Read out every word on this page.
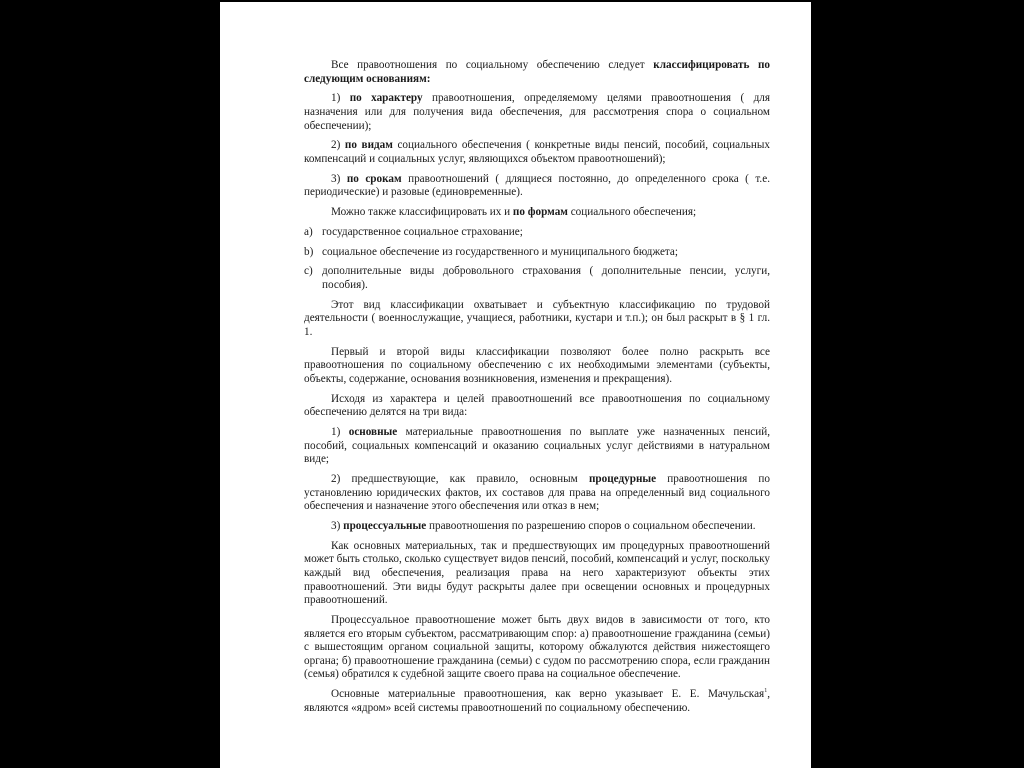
Все правоотношения по социальному обеспечению следует классифицировать по следующим основаниям:

1) по характеру правоотношения, определяемому целями правоотношения ( для назначения или для получения вида обеспечения, для рассмотрения спора о социальном обеспечении);

2) по видам социального обеспечения ( конкретные виды пенсий, пособий, социальных компенсаций и социальных услуг, являющихся объектом правоотношений);

3) по срокам правоотношений ( длящиеся постоянно, до определенного срока ( т.е. периодические) и разовые (единовременные).

Можно также классифицировать их и по формам социального обеспечения;

a) государственное социальное страхование;
b) социальное обеспечение из государственного и муниципального бюджета;
c) дополнительные виды добровольного страхования ( дополнительные пенсии, услуги, пособия).

Этот вид классификации охватывает и субъектную классификацию по трудовой деятельности ( военнослужащие, учащиеся, работники, кустари и т.п.); он был раскрыт в § 1 гл. 1.

Первый и второй виды классификации позволяют более полно раскрыть все правоотношения по социальному обеспечению с их необходимыми элементами (субъекты, объекты, содержание, основания возникновения, изменения и прекращения).

Исходя из характера и целей правоотношений все правоотношения по социальному обеспечению делятся на три вида:

1) основные материальные правоотношения по выплате уже назначенных пенсий, пособий, социальных компенсаций и оказанию социальных услуг действиями в натуральном виде;

2) предшествующие, как правило, основным процедурные правоотношения по установлению юридических фактов, их составов для права на определенный вид социального обеспечения и назначение этого обеспечения или отказ в нем;

3) процессуальные правоотношения по разрешению споров о социальном обеспечении.

Как основных материальных, так и предшествующих им процедурных правоотношений может быть столько, сколько существует видов пенсий, пособий, компенсаций и услуг, поскольку каждый вид обеспечения, реализация права на него характеризуют объекты этих правоотношений. Эти виды будут раскрыты далее при освещении основных и процедурных правоотношений.

Процессуальное правоотношение может быть двух видов в зависимости от того, кто является его вторым субъектом, рассматривающим спор: а) правоотношение гражданина (семьи) с вышестоящим органом социальной защиты, которому обжалуются действия нижестоящего органа; б) правоотношение гражданина (семьи) с судом по рассмотрению спора, если гражданин (семья) обратился к судебной защите своего права на социальное обеспечение.

Основные материальные правоотношения, как верно указывает Е. Е. Мачульская$^1$, являются «ядром» всей системы правоотношений по социальному обеспечению.
